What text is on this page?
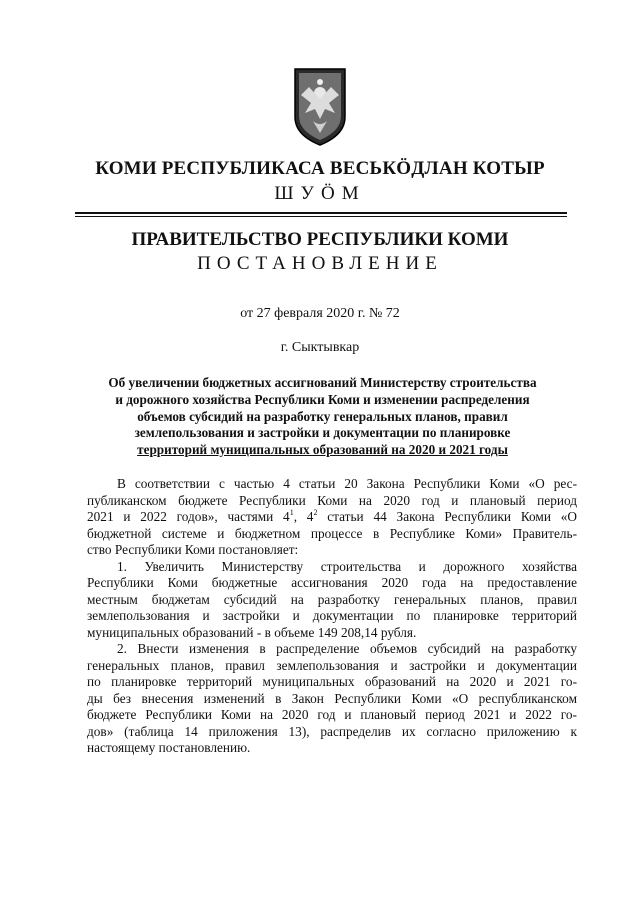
КОМИ РЕСПУБЛИКАСА ВЕСЬКӦДЛАН КОТЫР
ШУӦМ
ПРАВИТЕЛЬСТВО РЕСПУБЛИКИ КОМИ
ПОСТАНОВЛЕНИЕ
от 27 февраля 2020 г. № 72
г. Сыктывкар
Об увеличении бюджетных ассигнований Министерству строительства
и дорожного хозяйства Республики Коми и изменении распределения
объемов субсидий на разработку генеральных планов, правил
землепользования и застройки и документации по планировке
территорий муниципальных образований на 2020 и 2021 годы
В соответствии с частью 4 статьи 20 Закона Республики Коми «О рес-
публиканском бюджете Республики Коми на 2020 год и плановый период
2021 и 2022 годов», частями $4^1$, $4^2$ статьи 44 Закона Республики Коми «О
бюджетной системе и бюджетном процессе в Республике Коми» Правитель-
ство Республики Коми постановляет:
1. Увеличить Министерству строительства и дорожного хозяйства
Республики Коми бюджетные ассигнования 2020 года на предоставление
местным бюджетам субсидий на разработку генеральных планов, правил
землепользования и застройки и документации по планировке территорий
муниципальных образований - в объеме 149 208,14 рубля.
2. Внести изменения в распределение объемов субсидий на разработку
генеральных планов, правил землепользования и застройки и документации
по планировке территорий муниципальных образований на 2020 и 2021 го-
ды без внесения изменений в Закон Республики Коми «О республиканском
бюджете Республики Коми на 2020 год и плановый период 2021 и 2022 го-
дов» (таблица 14 приложения 13), распределив их согласно приложению к
настоящему постановлению.
